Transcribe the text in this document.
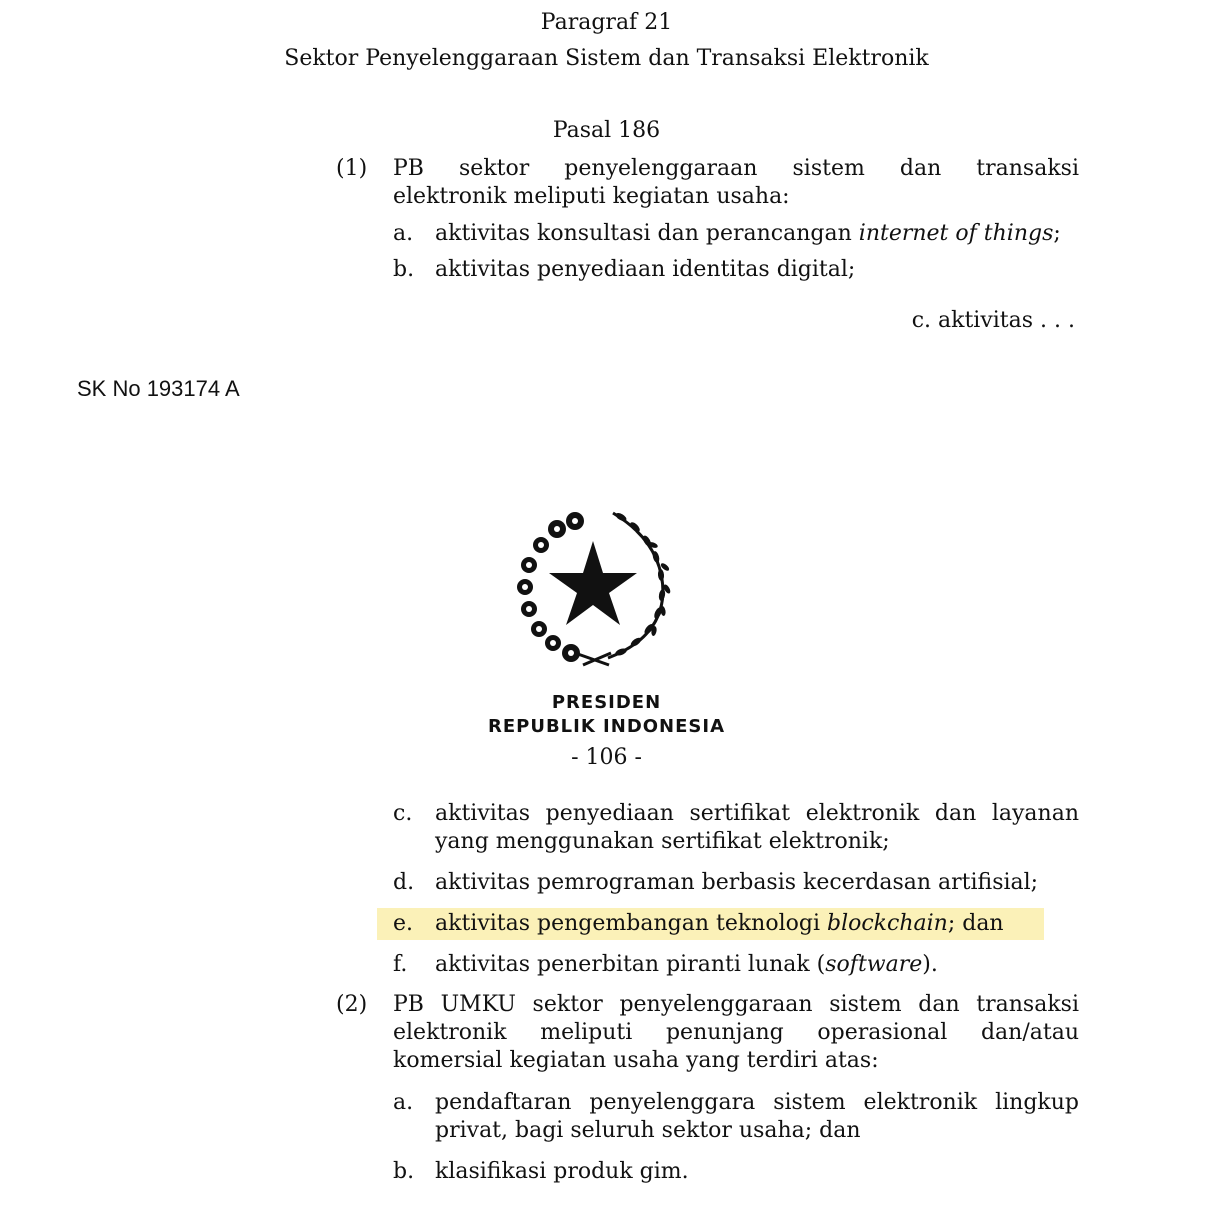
Paragraf 21
Sektor Penyelenggaraan Sistem dan Transaksi Elektronik
Pasal 186
(1) PB sektor penyelenggaraan sistem dan transaksi
elektronik meliputi kegiatan usaha:
a. aktivitas konsultasi dan perancangan internet of things;
b. aktivitas penyediaan identitas digital;
c. aktivitas . . .
SK No 193174 A
PRESIDEN
REPUBLIK INDONESIA
- 106 -
c. aktivitas penyediaan sertifikat elektronik dan layanan
yang menggunakan sertifikat elektronik;
d. aktivitas pemrograman berbasis kecerdasan artifisial;
e. aktivitas pengembangan teknologi blockchain; dan
f. aktivitas penerbitan piranti lunak (software).
(2) PB UMKU sektor penyelenggaraan sistem dan transaksi
elektronik meliputi penunjang operasional dan/atau
komersial kegiatan usaha yang terdiri atas:
a. pendaftaran penyelenggara sistem elektronik lingkup
privat, bagi seluruh sektor usaha; dan
b. klasifikasi produk gim.
